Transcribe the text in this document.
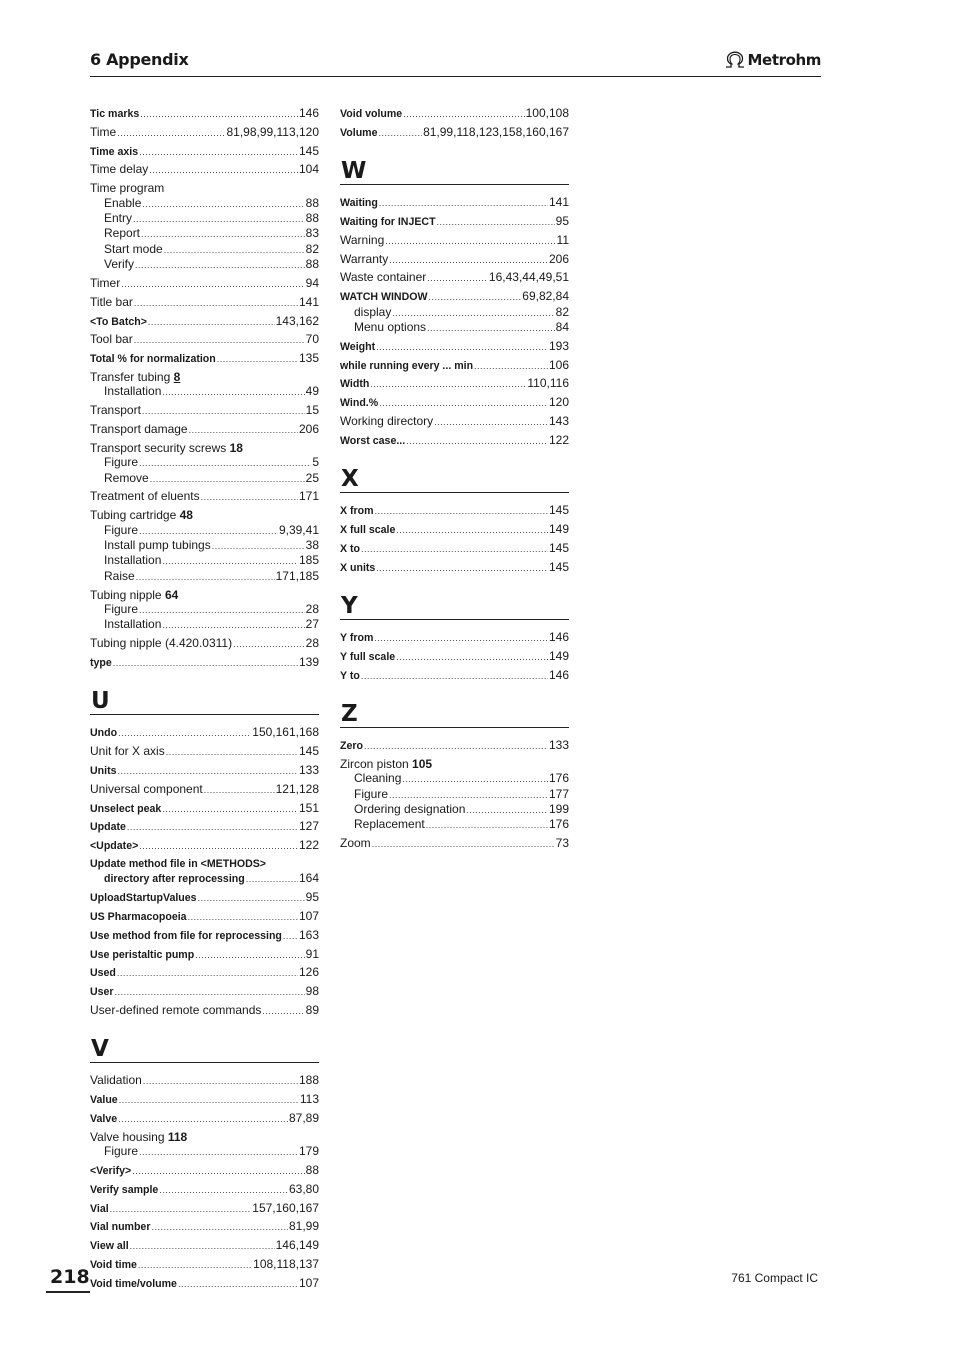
6 Appendix	Metrohm
Tic marks .....	146
Time .....	81,98,99,113,120
Time axis .....	145
Time delay .....	104
Time program
Enable .....	88
Entry .....	88
Report .....	83
Start mode .....	82
Verify .....	88
Timer .....	94
Title bar .....	141
<To Batch> .....	143,162
Tool bar .....	70
Total % for normalization .....	135
Transfer tubing 8
Installation .....	49
Transport .....	15
Transport damage .....	206
Transport security screws 18
Figure .....	5
Remove .....	25
Treatment of eluents .....	171
Tubing cartridge 48
Figure .....	9,39,41
Install pump tubings .....	38
Installation .....	185
Raise .....	171,185
Tubing nipple 64
Figure .....	28
Installation .....	27
Tubing nipple (4.420.0311) .....	28
type .....	139
U
Undo .....	150,161,168
Unit for X axis .....	145
Units .....	133
Universal component .....	121,128
Unselect peak .....	151
Update .....	127
<Update> .....	122
Update method file in <METHODS>
directory after reprocessing .....	164
UploadStartupValues .....	95
US Pharmacopoeia .....	107
Use method from file for reprocessing ..... 163
Use peristaltic pump .....	91
Used .....	126
User .....	98
User-defined remote commands .....	89
V
Validation .....	188
Value .....	113
Valve .....	87,89
Valve housing 118
Figure .....	179
<Verify> .....	88
Verify sample .....	63,80
Vial .....	157,160,167
Vial number .....	81,99
View all .....	146,149
Void time .....	108,118,137
Void time/volume .....	107
Void volume .....	100,108
Volume .....	81,99,118,123,158,160,167
W
Waiting .....	141
Waiting for INJECT .....	95
Warning .....	11
Warranty .....	206
Waste container .....	16,43,44,49,51
WATCH WINDOW .....	69,82,84
display .....	82
Menu options .....	84
Weight .....	193
while running every ... min .....	106
Width .....	110,116
Wind.% .....	120
Working directory .....	143
Worst case... .....	122
X
X from .....	145
X full scale .....	149
X to .....	145
X units .....	145
Y
Y from .....	146
Y full scale .....	149
Y to .....	146
Z
Zero .....	133
Zircon piston 105
Cleaning .....	176
Figure .....	177
Ordering designation .....	199
Replacement .....	176
Zoom .....	73
218	761 Compact IC
